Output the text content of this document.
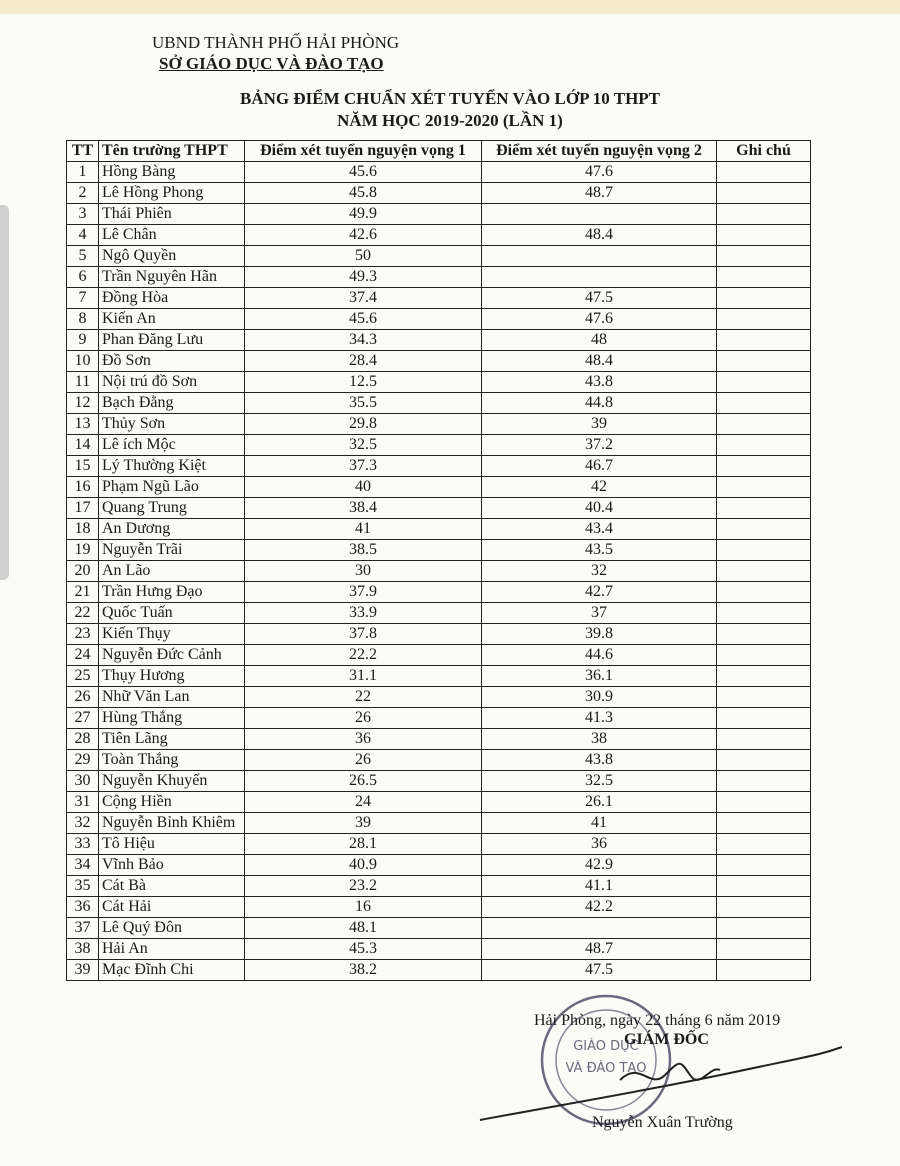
UBND THÀNH PHỐ HẢI PHÒNG
SỞ GIÁO DỤC VÀ ĐÀO TẠO
BẢNG ĐIỂM CHUẨN XÉT TUYỂN VÀO LỚP 10 THPT
NĂM HỌC 2019-2020 (LẦN 1)
TT	Tên trường THPT	Điểm xét tuyển nguyện vọng 1	Điểm xét tuyển nguyện vọng 2	Ghi chú
1	Hồng Bàng	45.6	47.6	
2	Lê Hồng Phong	45.8	48.7	
3	Thái Phiên	49.9		
4	Lê Chân	42.6	48.4	
5	Ngô Quyền	50		
6	Trần Nguyên Hãn	49.3		
7	Đồng Hòa	37.4	47.5	
8	Kiến An	45.6	47.6	
9	Phan Đăng Lưu	34.3	48	
10	Đồ Sơn	28.4	48.4	
11	Nội trú đồ Sơn	12.5	43.8	
12	Bạch Đằng	35.5	44.8	
13	Thủy Sơn	29.8	39	
14	Lê ích Mộc	32.5	37.2	
15	Lý Thường Kiệt	37.3	46.7	
16	Phạm Ngũ Lão	40	42	
17	Quang Trung	38.4	40.4	
18	An Dương	41	43.4	
19	Nguyễn Trãi	38.5	43.5	
20	An Lão	30	32	
21	Trần Hưng Đạo	37.9	42.7	
22	Quốc Tuấn	33.9	37	
23	Kiến Thụy	37.8	39.8	
24	Nguyễn Đức Cảnh	22.2	44.6	
25	Thụy Hương	31.1	36.1	
26	Nhữ Văn Lan	22	30.9	
27	Hùng Thắng	26	41.3	
28	Tiên Lãng	36	38	
29	Toàn Thắng	26	43.8	
30	Nguyễn Khuyến	26.5	32.5	
31	Cộng Hiền	24	26.1	
32	Nguyễn Bỉnh Khiêm	39	41	
33	Tô Hiệu	28.1	36	
34	Vĩnh Bảo	40.9	42.9	
35	Cát Bà	23.2	41.1	
36	Cát Hải	16	42.2	
37	Lê Quý Đôn	48.1		
38	Hải An	45.3	48.7	
39	Mạc Đĩnh Chi	38.2	47.5	
GIÁO DỤC
VÀ ĐÀO TẠO
Hải Phòng, ngày 22 tháng 6 năm 2019
GIÁM ĐỐC
Nguyễn Xuân Trường
